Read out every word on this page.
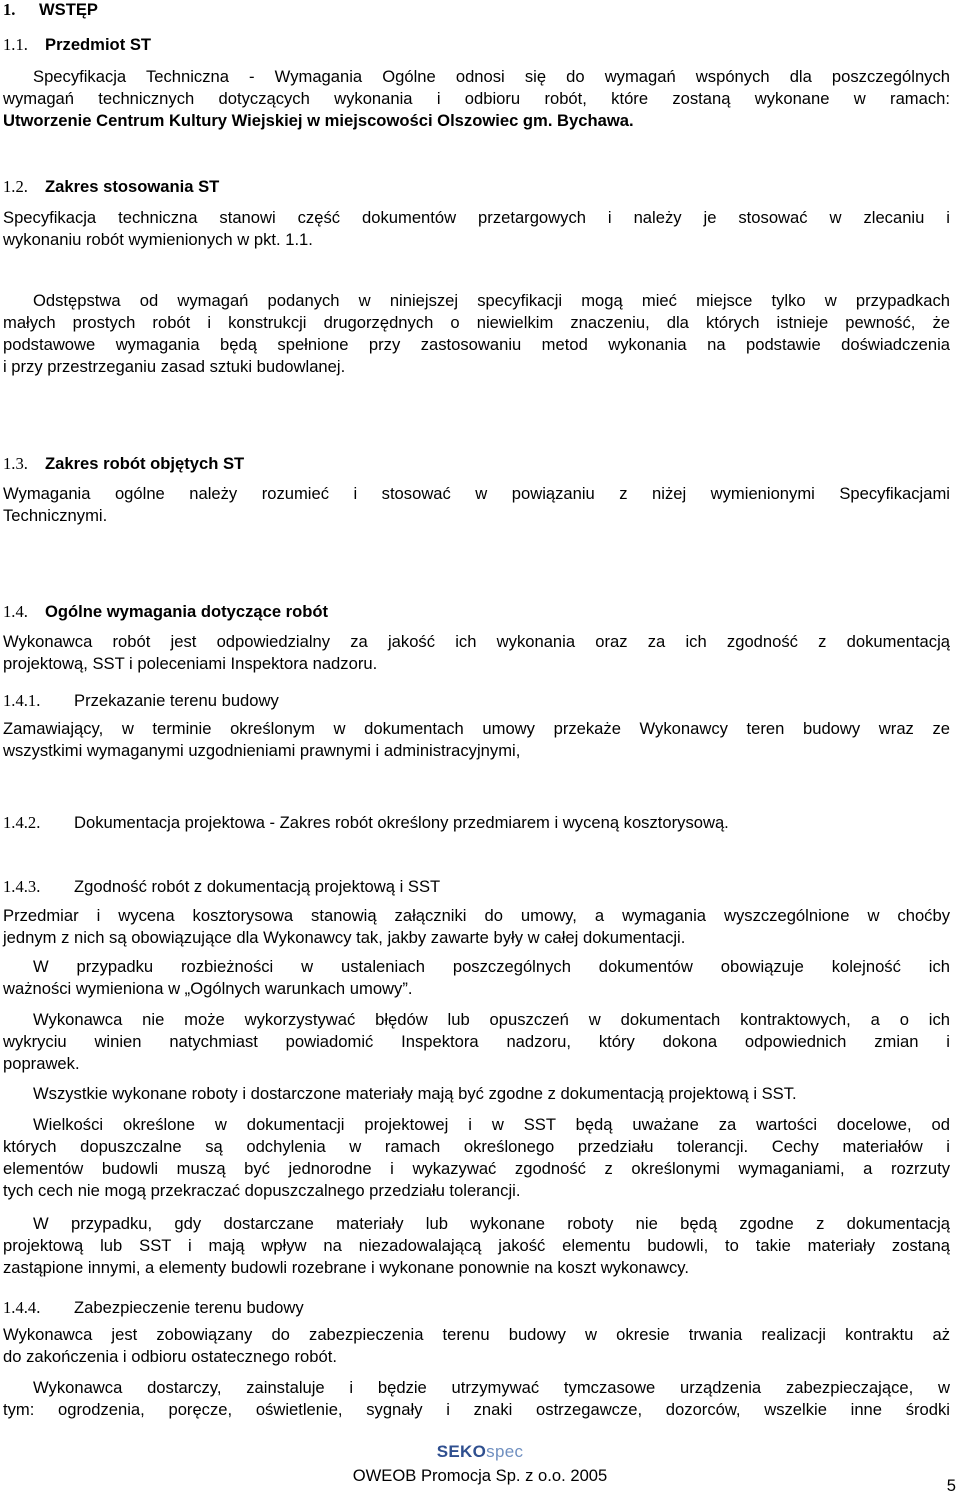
1. WSTĘP
1.1. Przedmiot ST
Specyfikacja Techniczna - Wymagania Ogólne odnosi się do wymagań wspónych dla poszczególnych
wymagań technicznych dotyczących wykonania i odbioru robót, które zostaną wykonane w ramach:
Utworzenie Centrum Kultury Wiejskiej w miejscowości Olszowiec gm. Bychawa.
1.2. Zakres stosowania ST
Specyfikacja techniczna stanowi część dokumentów przetargowych i należy je stosować w zlecaniu i
wykonaniu robót wymienionych w pkt. 1.1.
Odstępstwa od wymagań podanych w niniejszej specyfikacji mogą mieć miejsce tylko w przypadkach
małych prostych robót i konstrukcji drugorzędnych o niewielkim znaczeniu, dla których istnieje pewność, że
podstawowe wymagania będą spełnione przy zastosowaniu metod wykonania na podstawie doświadczenia
i przy przestrzeganiu zasad sztuki budowlanej.
1.3. Zakres robót objętych ST
Wymagania ogólne należy rozumieć i stosować w powiązaniu z niżej wymienionymi Specyfikacjami
Technicznymi.
1.4. Ogólne wymagania dotyczące robót
Wykonawca robót jest odpowiedzialny za jakość ich wykonania oraz za ich zgodność z dokumentacją
projektową, SST i poleceniami Inspektora nadzoru.
1.4.1. Przekazanie terenu budowy
Zamawiający, w terminie określonym w dokumentach umowy przekaże Wykonawcy teren budowy wraz ze
wszystkimi wymaganymi uzgodnieniami prawnymi i administracyjnymi,
1.4.2. Dokumentacja projektowa - Zakres robót określony przedmiarem i wyceną kosztorysową.
1.4.3. Zgodność robót z dokumentacją projektową i SST
Przedmiar i wycena kosztorysowa stanowią załączniki do umowy, a wymagania wyszczególnione w choćby
jednym z nich są obowiązujące dla Wykonawcy tak, jakby zawarte były w całej dokumentacji.
W przypadku rozbieżności w ustaleniach poszczególnych dokumentów obowiązuje kolejność ich
ważności wymieniona w „Ogólnych warunkach umowy”.
Wykonawca nie może wykorzystywać błędów lub opuszczeń w dokumentach kontraktowych, a o ich
wykryciu winien natychmiast powiadomić Inspektora nadzoru, który dokona odpowiednich zmian i
poprawek.
Wszystkie wykonane roboty i dostarczone materiały mają być zgodne z dokumentacją projektową i SST.
Wielkości określone w dokumentacji projektowej i w SST będą uważane za wartości docelowe, od
których dopuszczalne są odchylenia w ramach określonego przedziału tolerancji. Cechy materiałów i
elementów budowli muszą być jednorodne i wykazywać zgodność z określonymi wymaganiami, a rozrzuty
tych cech nie mogą przekraczać dopuszczalnego przedziału tolerancji.
W przypadku, gdy dostarczane materiały lub wykonane roboty nie będą zgodne z dokumentacją
projektową lub SST i mają wpływ na niezadowalającą jakość elementu budowli, to takie materiały zostaną
zastąpione innymi, a elementy budowli rozebrane i wykonane ponownie na koszt wykonawcy.
1.4.4. Zabezpieczenie terenu budowy
Wykonawca jest zobowiązany do zabezpieczenia terenu budowy w okresie trwania realizacji kontraktu aż
do zakończenia i odbioru ostatecznego robót.
Wykonawca dostarczy, zainstaluje i będzie utrzymywać tymczasowe urządzenia zabezpieczające, w
tym: ogrodzenia, poręcze, oświetlenie, sygnały i znaki ostrzegawcze, dozorców, wszelkie inne środki
SEKOspec
OWEOB Promocja Sp. z o.o. 2005
5
